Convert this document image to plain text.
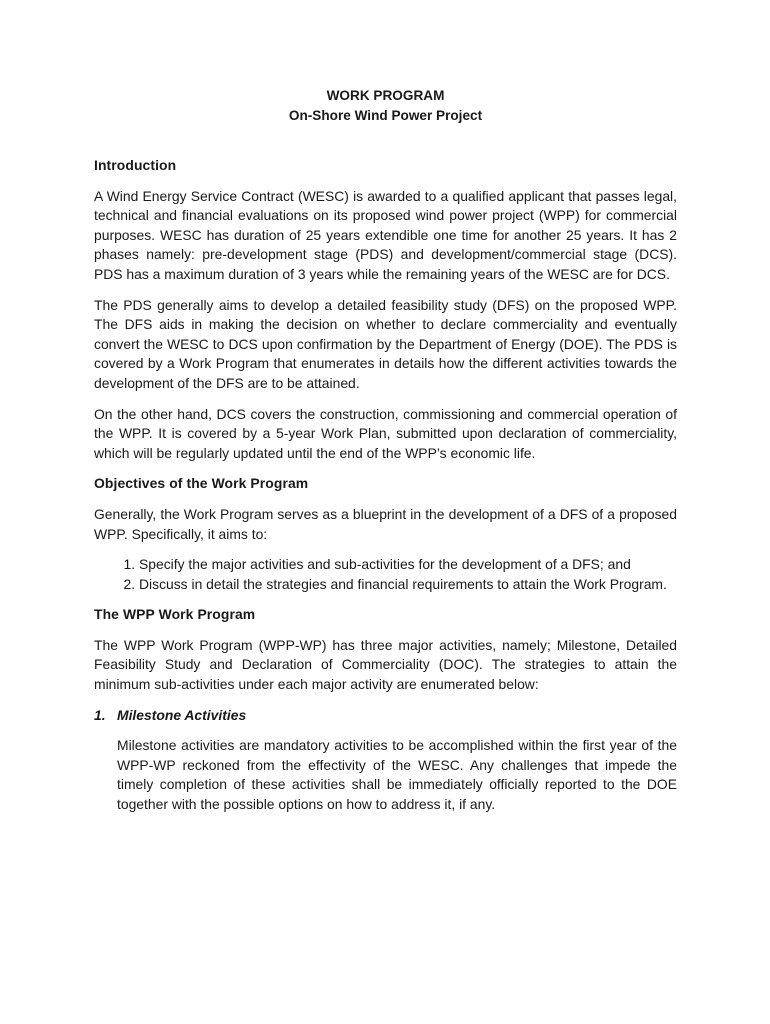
WORK PROGRAM
On-Shore Wind Power Project
Introduction

A Wind Energy Service Contract (WESC) is awarded to a qualified applicant that passes legal, technical and financial evaluations on its proposed wind power project (WPP) for commercial purposes. WESC has duration of 25 years extendible one time for another 25 years. It has 2 phases namely: pre-development stage (PDS) and development/commercial stage (DCS). PDS has a maximum duration of 3 years while the remaining years of the WESC are for DCS.

The PDS generally aims to develop a detailed feasibility study (DFS) on the proposed WPP. The DFS aids in making the decision on whether to declare commerciality and eventually convert the WESC to DCS upon confirmation by the Department of Energy (DOE). The PDS is covered by a Work Program that enumerates in details how the different activities towards the development of the DFS are to be attained.

On the other hand, DCS covers the construction, commissioning and commercial operation of the WPP. It is covered by a 5-year Work Plan, submitted upon declaration of commerciality, which will be regularly updated until the end of the WPP’s economic life.

Objectives of the Work Program

Generally, the Work Program serves as a blueprint in the development of a DFS of a proposed WPP. Specifically, it aims to:

1. Specify the major activities and sub-activities for the development of a DFS; and
2. Discuss in detail the strategies and financial requirements to attain the Work Program.
The WPP Work Program

The WPP Work Program (WPP-WP) has three major activities, namely; Milestone, Detailed Feasibility Study and Declaration of Commerciality (DOC). The strategies to attain the minimum sub-activities under each major activity are enumerated below:

1. Milestone Activities

Milestone activities are mandatory activities to be accomplished within the first year of the WPP-WP reckoned from the effectivity of the WESC. Any challenges that impede the timely completion of these activities shall be immediately officially reported to the DOE together with the possible options on how to address it, if any.
